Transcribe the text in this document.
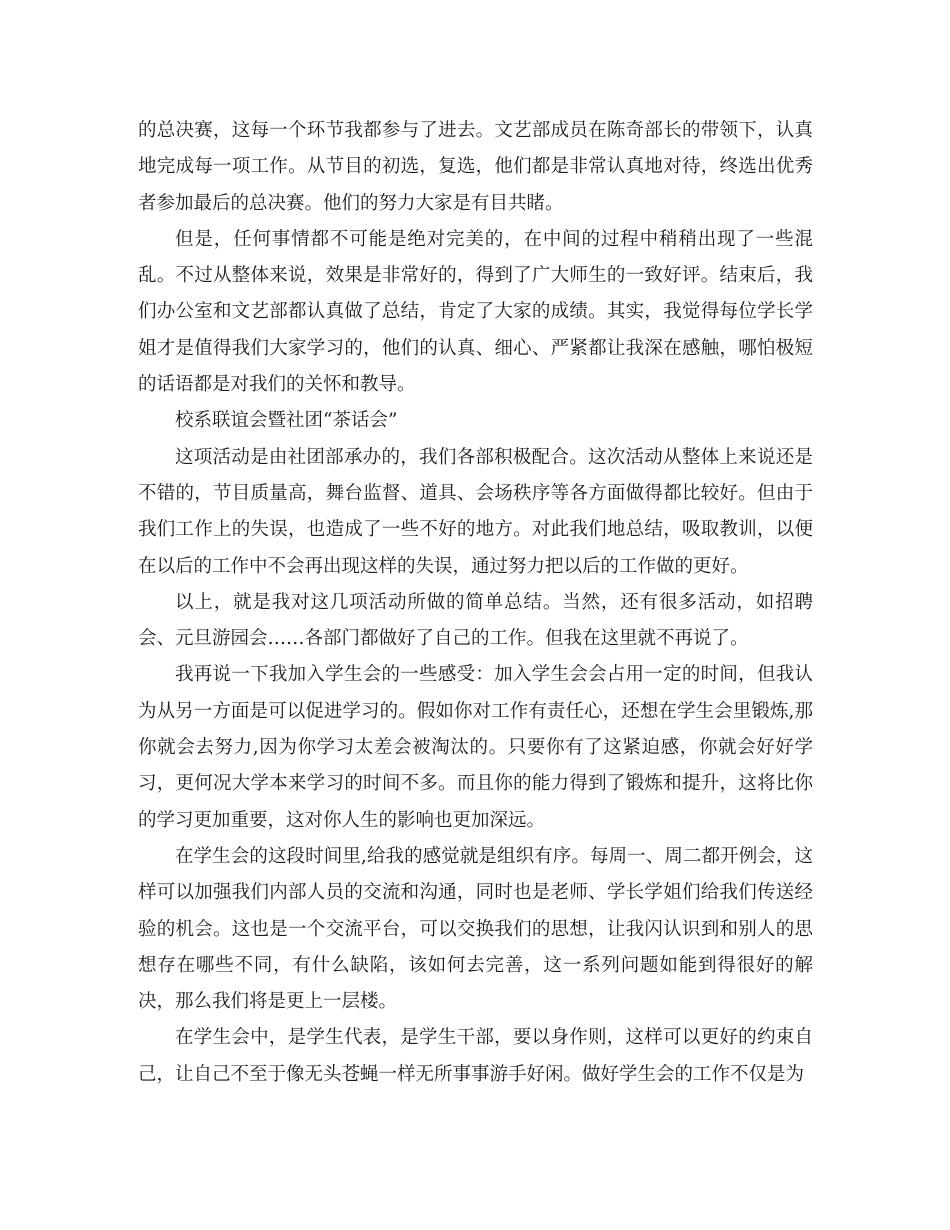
的总决赛，这每一个环节我都参与了进去。文艺部成员在陈奇部长的带领下，认真地完成每一项工作。从节目的初选，复选，他们都是非常认真地对待，终选出优秀者参加最后的总决赛。他们的努力大家是有目共睹。

但是，任何事情都不可能是绝对完美的，在中间的过程中稍稍出现了一些混乱。不过从整体来说，效果是非常好的，得到了广大师生的一致好评。结束后，我们办公室和文艺部都认真做了总结，肯定了大家的成绩。其实，我觉得每位学长学姐才是值得我们大家学习的，他们的认真、细心、严紧都让我深在感触，哪怕极短的话语都是对我们的关怀和教导。

校系联谊会暨社团“茶话会”

这项活动是由社团部承办的，我们各部积极配合。这次活动从整体上来说还是不错的，节目质量高，舞台监督、道具、会场秩序等各方面做得都比较好。但由于我们工作上的失误，也造成了一些不好的地方。对此我们地总结，吸取教训，以便在以后的工作中不会再出现这样的失误，通过努力把以后的工作做的更好。

以上，就是我对这几项活动所做的简单总结。当然，还有很多活动，如招聘会、元旦游园会……各部门都做好了自己的工作。但我在这里就不再说了。

我再说一下我加入学生会的一些感受：加入学生会会占用一定的时间，但我认为从另一方面是可以促进学习的。假如你对工作有责任心，还想在学生会里锻炼,那你就会去努力,因为你学习太差会被淘汰的。只要你有了这紧迫感，你就会好好学习，更何况大学本来学习的时间不多。而且你的能力得到了锻炼和提升，这将比你的学习更加重要，这对你人生的影响也更加深远。

在学生会的这段时间里,给我的感觉就是组织有序。每周一、周二都开例会，这样可以加强我们内部人员的交流和沟通，同时也是老师、学长学姐们给我们传送经验的机会。这也是一个交流平台，可以交换我们的思想，让我闪认识到和别人的思想存在哪些不同，有什么缺陷，该如何去完善，这一系列问题如能到得很好的解决，那么我们将是更上一层楼。

在学生会中，是学生代表，是学生干部，要以身作则，这样可以更好的约束自己，让自己不至于像无头苍蝇一样无所事事游手好闲。做好学生会的工作不仅是为
